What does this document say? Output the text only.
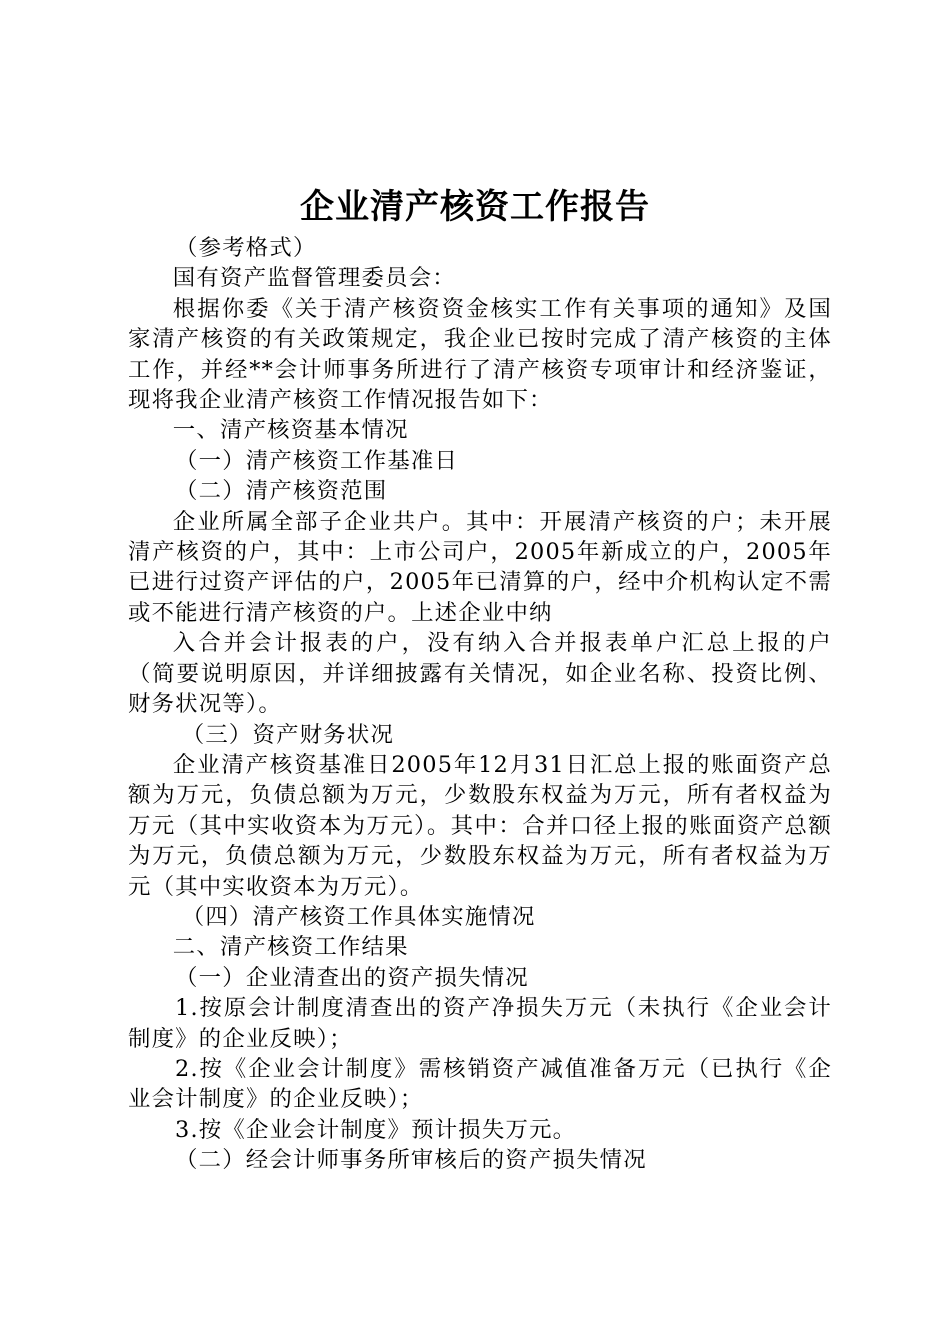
企业清产核资工作报告

（参考格式）

国有资产监督管理委员会：

根据你委《关于清产核资资金核实工作有关事项的通知》及国家清产核资的有关政策规定，我企业已按时完成了清产核资的主体工作，并经**会计师事务所进行了清产核资专项审计和经济鉴证，现将我企业清产核资工作情况报告如下：

一、清产核资基本情况

（一）清产核资工作基准日

（二）清产核资范围

企业所属全部子企业共户。其中：开展清产核资的户；未开展清产核资的户，其中：上市公司户，2005年新成立的户，2005年已进行过资产评估的户，2005年已清算的户，经中介机构认定不需或不能进行清产核资的户。上述企业中纳

入合并会计报表的户，没有纳入合并报表单户汇总上报的户（简要说明原因，并详细披露有关情况，如企业名称、投资比例、财务状况等）。

（三）资产财务状况

企业清产核资基准日2005年12月31日汇总上报的账面资产总额为万元，负债总额为万元，少数股东权益为万元，所有者权益为万元（其中实收资本为万元）。其中：合并口径上报的账面资产总额为万元，负债总额为万元，少数股东权益为万元，所有者权益为万元（其中实收资本为万元）。

（四）清产核资工作具体实施情况

二、清产核资工作结果

（一）企业清查出的资产损失情况

1.按原会计制度清查出的资产净损失万元（未执行《企业会计制度》的企业反映）；

2.按《企业会计制度》需核销资产减值准备万元（已执行《企业会计制度》的企业反映）；

3.按《企业会计制度》预计损失万元。

（二）经会计师事务所审核后的资产损失情况
